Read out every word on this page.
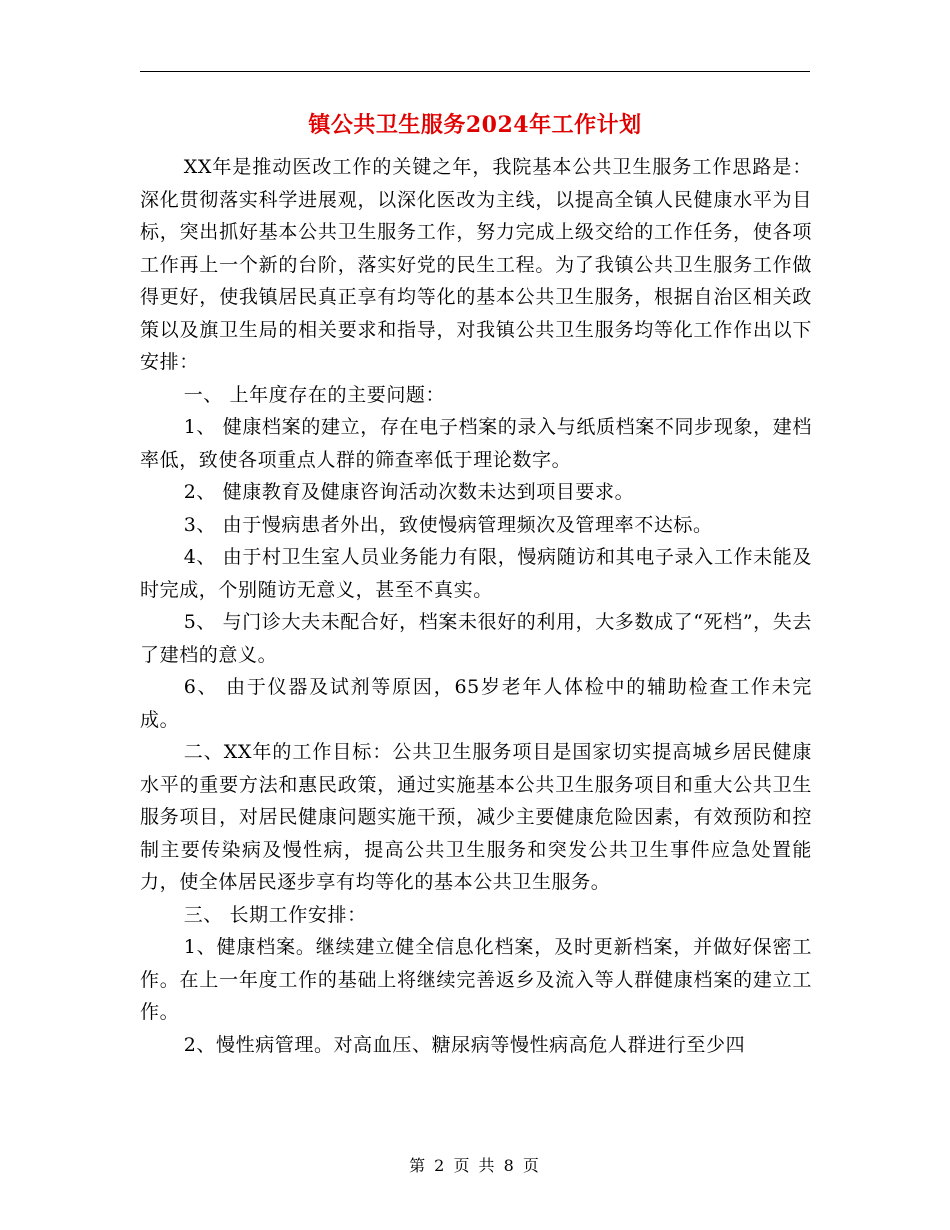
镇公共卫生服务2024年工作计划

XX年是推动医改工作的关键之年，我院基本公共卫生服务工作思路是：深化贯彻落实科学进展观，以深化医改为主线，以提高全镇人民健康水平为目标，突出抓好基本公共卫生服务工作，努力完成上级交给的工作任务，使各项工作再上一个新的台阶，落实好党的民生工程。为了我镇公共卫生服务工作做得更好，使我镇居民真正享有均等化的基本公共卫生服务，根据自治区相关政策以及旗卫生局的相关要求和指导，对我镇公共卫生服务均等化工作作出以下安排：

一、 上年度存在的主要问题：

1、 健康档案的建立，存在电子档案的录入与纸质档案不同步现象，建档率低，致使各项重点人群的筛查率低于理论数字。

2、 健康教育及健康咨询活动次数未达到项目要求。

3、 由于慢病患者外出，致使慢病管理频次及管理率不达标。

4、 由于村卫生室人员业务能力有限，慢病随访和其电子录入工作未能及时完成，个别随访无意义，甚至不真实。

5、 与门诊大夫未配合好，档案未很好的利用，大多数成了“死档”，失去了建档的意义。

6、 由于仪器及试剂等原因，65岁老年人体检中的辅助检查工作未完成。

二、XX年的工作目标：公共卫生服务项目是国家切实提高城乡居民健康水平的重要方法和惠民政策，通过实施基本公共卫生服务项目和重大公共卫生服务项目，对居民健康问题实施干预，减少主要健康危险因素，有效预防和控制主要传染病及慢性病，提高公共卫生服务和突发公共卫生事件应急处置能力，使全体居民逐步享有均等化的基本公共卫生服务。

三、 长期工作安排：

1、健康档案。继续建立健全信息化档案，及时更新档案，并做好保密工作。在上一年度工作的基础上将继续完善返乡及流入等人群健康档案的建立工作。

2、慢性病管理。对高血压、糖尿病等慢性病高危人群进行至少四

第 2 页 共 8 页
